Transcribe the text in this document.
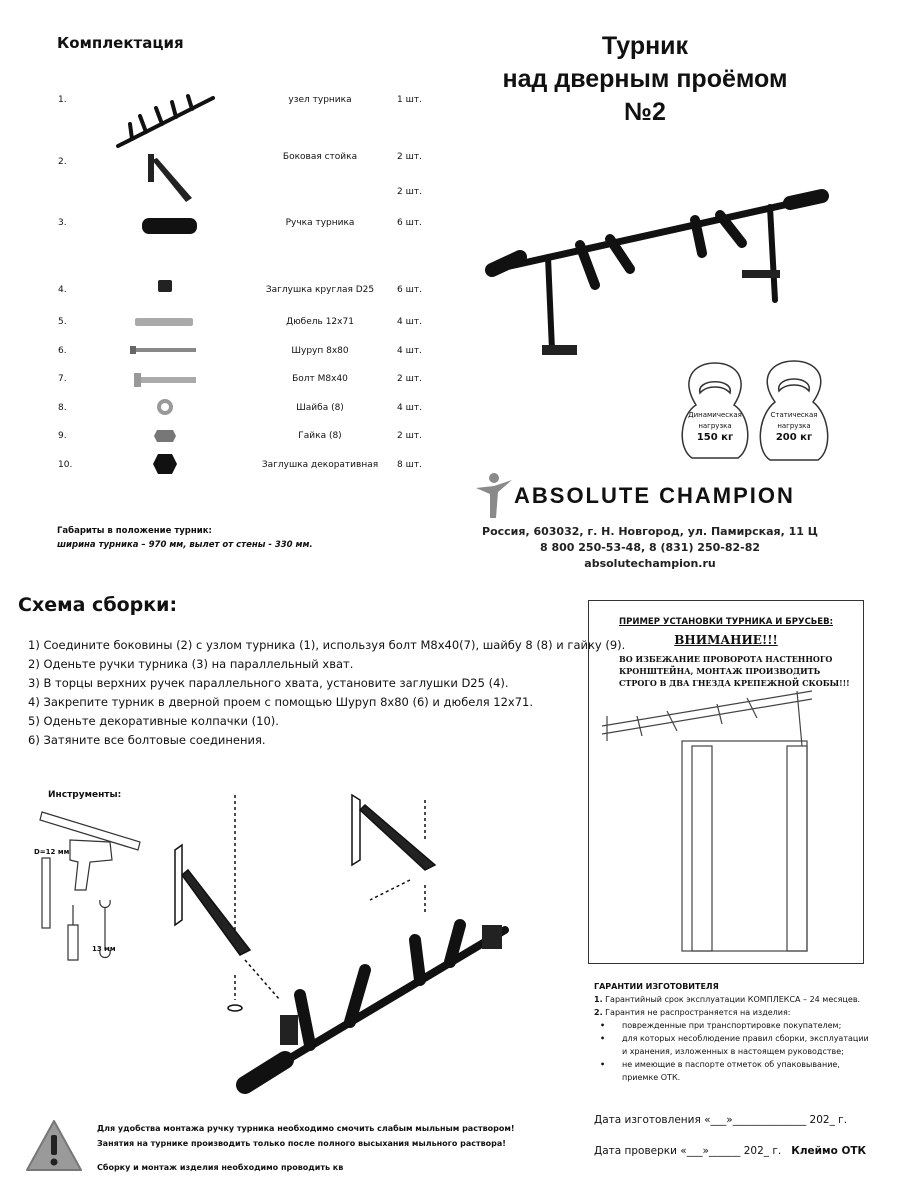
Комплектация	Турник
над дверным проёмом
№2
1.	узел турника	1 шт.
2.	Боковая стойка	2 шт.
2 шт.
3.	Ручка турника	6 шт.
4.	Заглушка круглая D25	6 шт.
5.	Дюбель 12х71	4 шт.
6.	Шуруп 8х80	4 шт.
7.	Болт М8х40	2 шт.
8.	Шайба (8)	4 шт.
9.	Гайка (8)	2 шт.
10.	Заглушка декоративная	8 шт.
Габариты в положение турник:
ширина турника – 970 мм, вылет от стены - 330 мм.
Динамическая
нагрузка
150 кг
Статическая
нагрузка
200 кг
ABSOLUTE CHAMPION
Россия, 603032, г. Н. Новгород, ул. Памирская, 11 Ц
8 800 250-53-48, 8 (831) 250-82-82
absolutechampion.ru
Схема сборки:
1) Соедините боковины (2) с узлом турника (1), используя болт М8х40(7), шайбу 8 (8) и гайку (9).
2) Оденьте ручки турника (3) на параллельный хват.
3) В торцы верхних ручек параллельного хвата, установите заглушки D25 (4).
4) Закрепите турник в дверной проем с помощью Шуруп 8х80 (6) и дюбеля 12х71.
5) Оденьте декоративные колпачки (10).
6) Затяните все болтовые соединения.
Инструменты:
D=12 мм
13 мм
ПРИМЕР УСТАНОВКИ ТУРНИКА И БРУСЬЕВ:
ВНИМАНИЕ!!!
ВО ИЗБЕЖАНИЕ ПРОВОРОТА НАСТЕННОГО КРОНШТЕЙНА, МОНТАЖ ПРОИЗВОДИТЬ СТРОГО В ДВА ГНЕЗДА КРЕПЕЖНОЙ СКОБЫ!!!
ГАРАНТИИ ИЗГОТОВИТЕЛЯ
1. Гарантийный срок эксплуатации КОМПЛЕКСА – 24 месяцев.
2. Гарантия не распространяется на изделия:
• поврежденные при транспортировке покупателем;
• для которых несоблюдение правил сборки, эксплуатации и хранения, изложенных в настоящем руководстве;
• не имеющие в паспорте отметок об упаковывание, приемке ОТК.
Дата изготовления «___»______________ 202_ г.
Дата проверки «___»______ 202_ г. Клеймо ОТК
Для удобства монтажа ручку турника необходимо смочить слабым мыльным раствором!
Занятия на турнике производить только после полного высыхания мыльного раствора!
Сборку и монтаж изделия необходимо проводить кв
